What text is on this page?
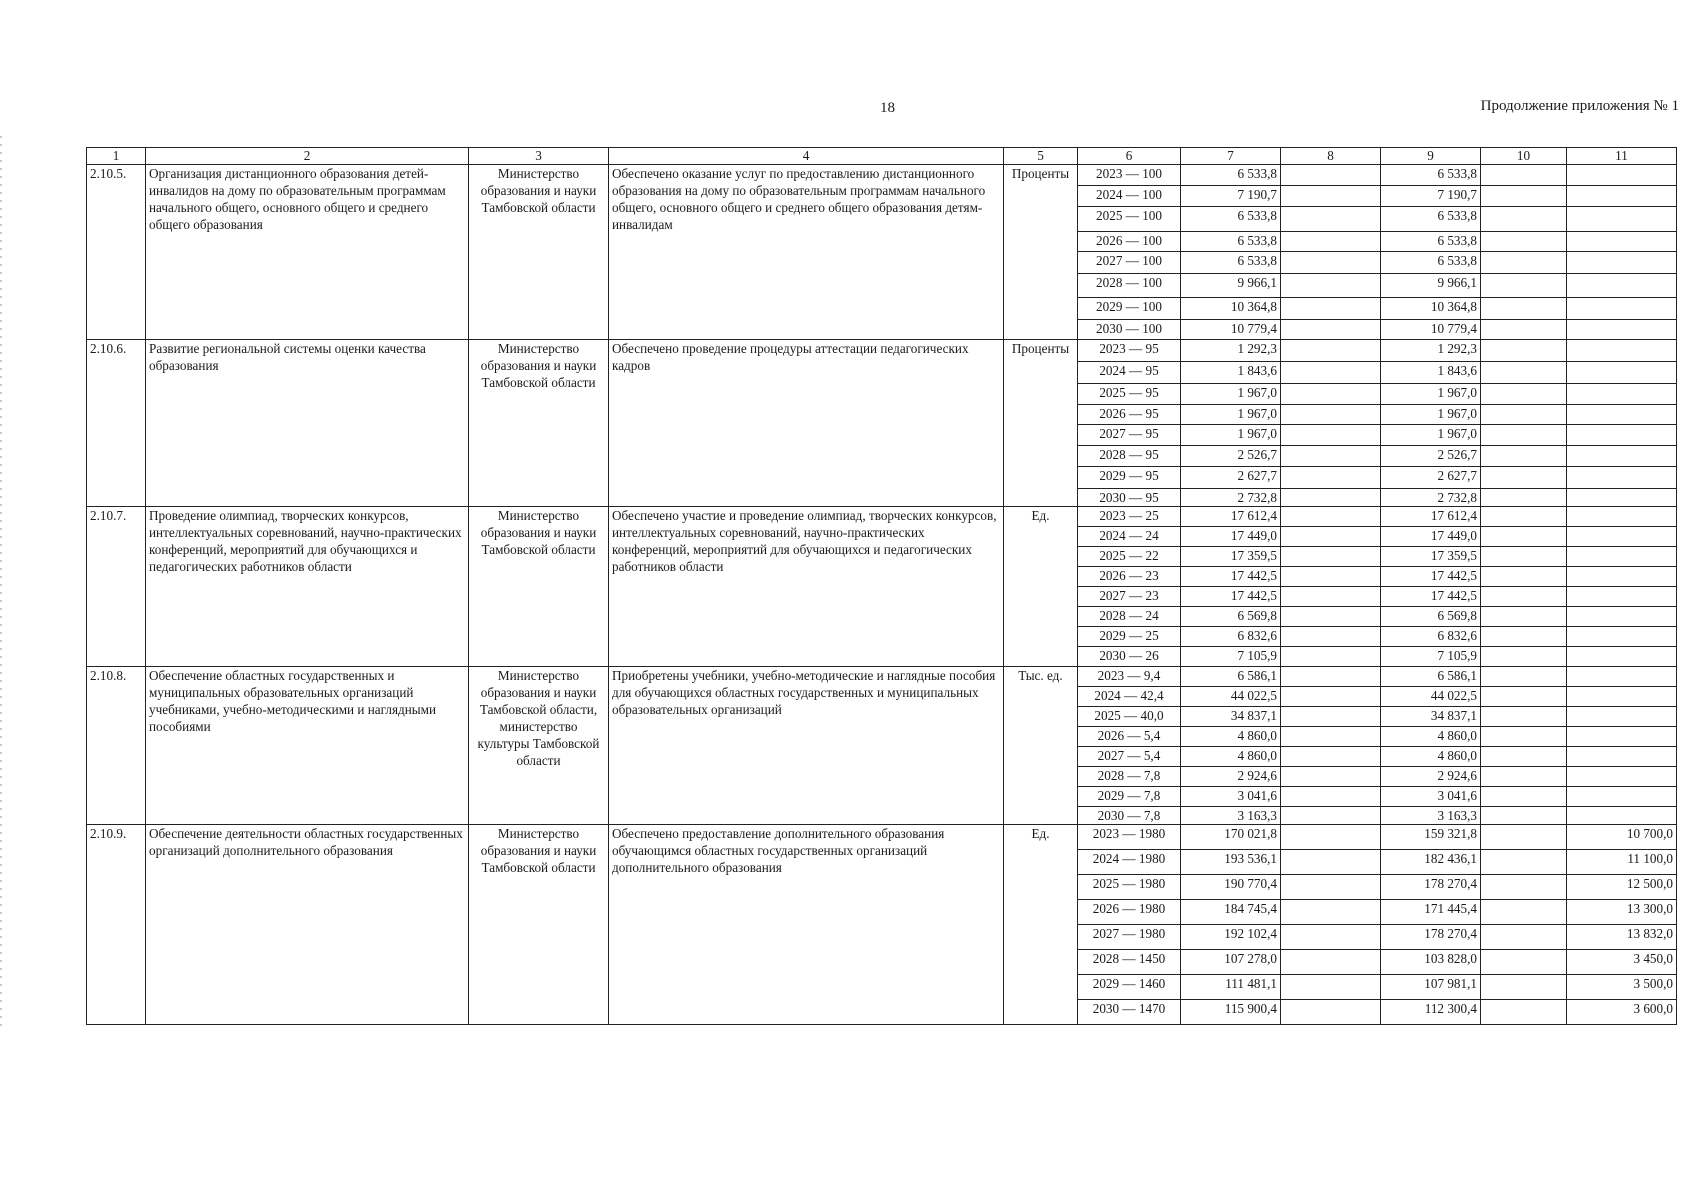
18	Продолжение приложения № 1
1	2	3	4	5	6	7	8	9	10	11
2.10.5.	Организация дистанционного образования детей-инвалидов на дому по образовательным программам начального общего, основного общего и среднего общего образования	Министерство образования и науки Тамбовской области	Обеспечено оказание услуг по предоставлению дистанционного образования на дому по образовательным программам начального общего, основного общего и среднего общего образования детям-инвалидам	Проценты	2023 — 100	6 533,8		6 533,8		
					2024 — 100	7 190,7		7 190,7		
					2025 — 100	6 533,8		6 533,8		
					2026 — 100	6 533,8		6 533,8		
					2027 — 100	6 533,8		6 533,8		
					2028 — 100	9 966,1		9 966,1		
					2029 — 100	10 364,8		10 364,8		
					2030 — 100	10 779,4		10 779,4		
2.10.6.	Развитие региональной системы оценки качества образования	Министерство образования и науки Тамбовской области	Обеспечено проведение процедуры аттестации педагогических кадров	Проценты	2023 — 95	1 292,3		1 292,3		
					2024 — 95	1 843,6		1 843,6		
					2025 — 95	1 967,0		1 967,0		
					2026 — 95	1 967,0		1 967,0		
					2027 — 95	1 967,0		1 967,0		
					2028 — 95	2 526,7		2 526,7		
					2029 — 95	2 627,7		2 627,7		
					2030 — 95	2 732,8		2 732,8		
2.10.7.	Проведение олимпиад, творческих конкурсов, интеллектуальных соревнований, научно-практических конференций, мероприятий для обучающихся и педагогических работников области	Министерство образования и науки Тамбовской области	Обеспечено участие и проведение олимпиад, творческих конкурсов, интеллектуальных соревнований, научно-практических конференций, мероприятий для обучающихся и педагогических работников области	Ед.	2023 — 25	17 612,4		17 612,4		
					2024 — 24	17 449,0		17 449,0		
					2025 — 22	17 359,5		17 359,5		
					2026 — 23	17 442,5		17 442,5		
					2027 — 23	17 442,5		17 442,5		
					2028 — 24	6 569,8		6 569,8		
					2029 — 25	6 832,6		6 832,6		
					2030 — 26	7 105,9		7 105,9		
2.10.8.	Обеспечение областных государственных и муниципальных образовательных организаций учебниками, учебно-методическими и наглядными пособиями	Министерство образования и науки Тамбовской области, министерство культуры Тамбовской области	Приобретены учебники, учебно-методические и наглядные пособия для обучающихся областных государственных и муниципальных образовательных организаций	Тыс. ед.	2023 — 9,4	6 586,1		6 586,1		
					2024 — 42,4	44 022,5		44 022,5		
					2025 — 40,0	34 837,1		34 837,1		
					2026 — 5,4	4 860,0		4 860,0		
					2027 — 5,4	4 860,0		4 860,0		
					2028 — 7,8	2 924,6		2 924,6		
					2029 — 7,8	3 041,6		3 041,6		
					2030 — 7,8	3 163,3		3 163,3		
2.10.9.	Обеспечение деятельности областных государственных организаций дополнительного образования	Министерство образования и науки Тамбовской области	Обеспечено предоставление дополнительного образования обучающимся областных государственных организаций дополнительного образования	Ед.	2023 — 1980	170 021,8		159 321,8		10 700,0
					2024 — 1980	193 536,1		182 436,1		11 100,0
					2025 — 1980	190 770,4		178 270,4		12 500,0
					2026 — 1980	184 745,4		171 445,4		13 300,0
					2027 — 1980	192 102,4		178 270,4		13 832,0
					2028 — 1450	107 278,0		103 828,0		3 450,0
					2029 — 1460	111 481,1		107 981,1		3 500,0
					2030 — 1470	115 900,4		112 300,4		3 600,0
